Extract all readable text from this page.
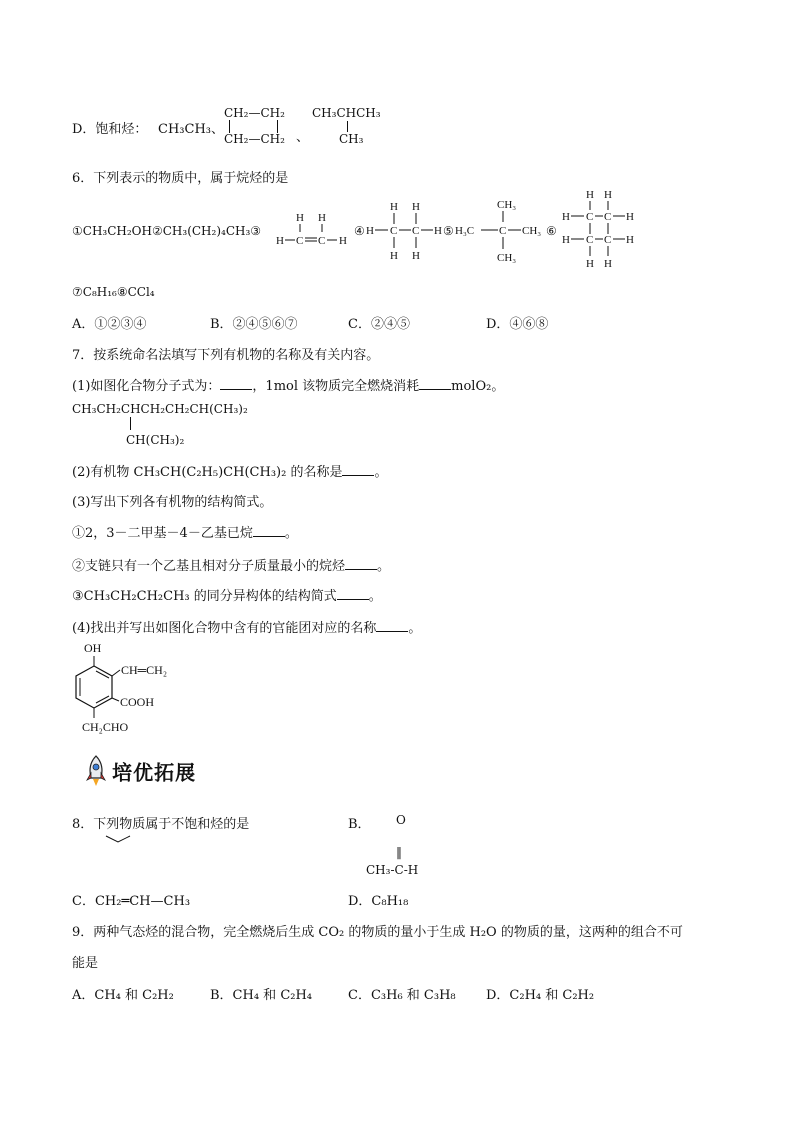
D．饱和烃： CH₃CH₃、
CH₂—CH₂
CH₂—CH₂ 、
CH₃CHCH₃
CH₃
6．下列表示的物质中，属于烷烃的是
①CH₃CH₂OH②CH₃(CH₂)₄CH₃③
H H
H C C H
④
H H
H C C H
H H
⑤
CH₃
H₃C C CH₃
CH₃
⑥
H H
H C C H
H C C H
H H
⑦C₈H₁₆⑧CCl₄
A．①②③④	B．②④⑤⑥⑦	C．②④⑤	D．④⑥⑧
7．按系统命名法填写下列有机物的名称及有关内容。
(1)如图化合物分子式为： ，1mol 该物质完全燃烧消耗 molO₂。
CH₃CH₂CHCH₂CH₂CH(CH₃)₂
CH(CH₃)₂
(2)有机物 CH₃CH(C₂H₅)CH(CH₃)₂ 的名称是 。
(3)写出下列各有机物的结构简式。
①2，3－二甲基－4－乙基已烷 。
②支链只有一个乙基且相对分子质量最小的烷烃 。
③CH₃CH₂CH₂CH₃ 的同分异构体的结构简式 。
(4)找出并写出如图化合物中含有的官能团对应的名称 。
OH
CH═CH₂
COOH
CH₂CHO
培优拓展
8．下列物质属于不饱和烃的是	B． O
‖
CH₃-C-H
C．CH₂═CH—CH₃	D．C₈H₁₈
9．两种气态烃的混合物，完全燃烧后生成 CO₂ 的物质的量小于生成 H₂O 的物质的量，这两种的组合不可
能是
A．CH₄ 和 C₂H₂	B．CH₄ 和 C₂H₄	C．C₃H₆ 和 C₃H₈ D．C₂H₄ 和 C₂H₂
